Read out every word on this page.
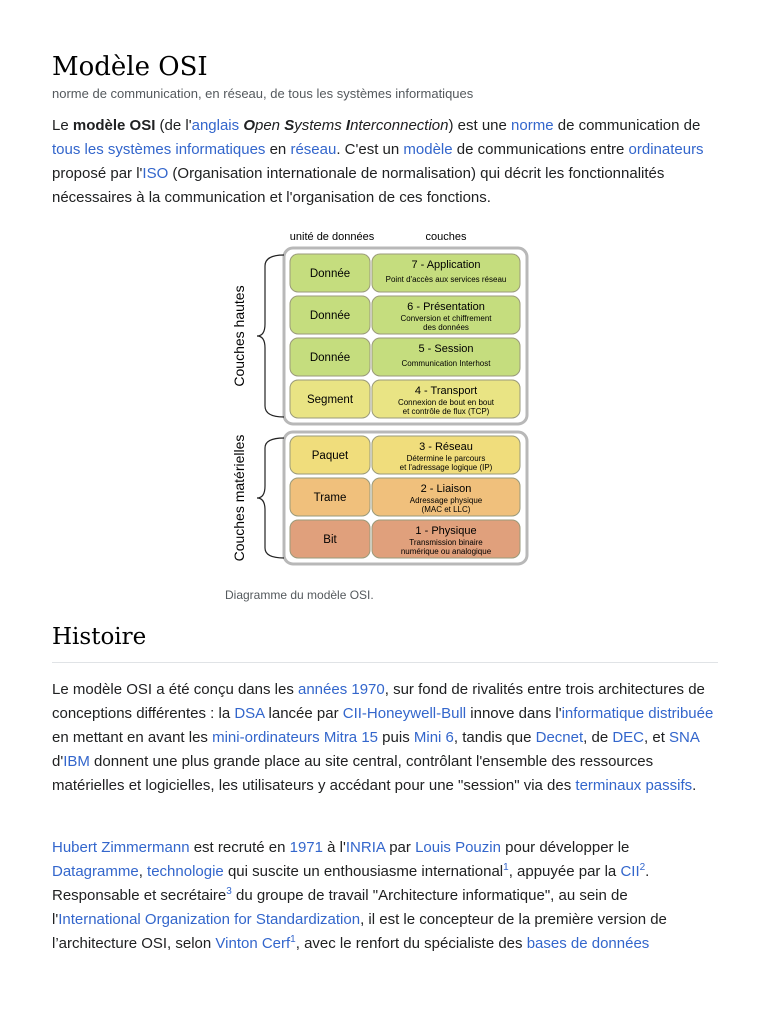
Modèle OSI
norme de communication, en réseau, de tous les systèmes informatiques

Le modèle OSI (de l'anglais Open Systems Interconnection) est une norme de communication de tous les systèmes informatiques en réseau. C'est un modèle de communications entre ordinateurs proposé par l'ISO (Organisation internationale de normalisation) qui décrit les fonctionnalités nécessaires à la communication et l'organisation de ces fonctions.

unité de données	couches
Couches hautes
Couches matérielles
Donnée
7 - Application
Point d'accès aux services réseau
Donnée
6 - Présentation
Conversion et chiffrement
des données
Donnée
5 - Session
Communication Interhost
Segment
4 - Transport
Connexion de bout en bout
et contrôle de flux (TCP)
Paquet
3 - Réseau
Détermine le parcours
et l'adressage logique (IP)
Trame
2 - Liaison
Adressage physique
(MAC et LLC)
Bit
1 - Physique
Transmission binaire
numérique ou analogique
Diagramme du modèle OSI.
Histoire

Le modèle OSI a été conçu dans les années 1970, sur fond de rivalités entre trois architectures de conceptions différentes : la DSA lancée par CII-Honeywell-Bull innove dans l'informatique distribuée en mettant en avant les mini-ordinateurs Mitra 15 puis Mini 6, tandis que Decnet, de DEC, et SNA d'IBM donnent une plus grande place au site central, contrôlant l'ensemble des ressources matérielles et logicielles, les utilisateurs y accédant pour une "session" via des terminaux passifs.

Hubert Zimmermann est recruté en 1971 à l'INRIA par Louis Pouzin pour développer le Datagramme, technologie qui suscite un enthousiasme international$^1$, appuyée par la CII$^2$. Responsable et secrétaire$^3$ du groupe de travail "Architecture informatique", au sein de l'International Organization for Standardization, il est le concepteur de la première version de l’architecture OSI, selon Vinton Cerf$^1$, avec le renfort du spécialiste des bases de données
